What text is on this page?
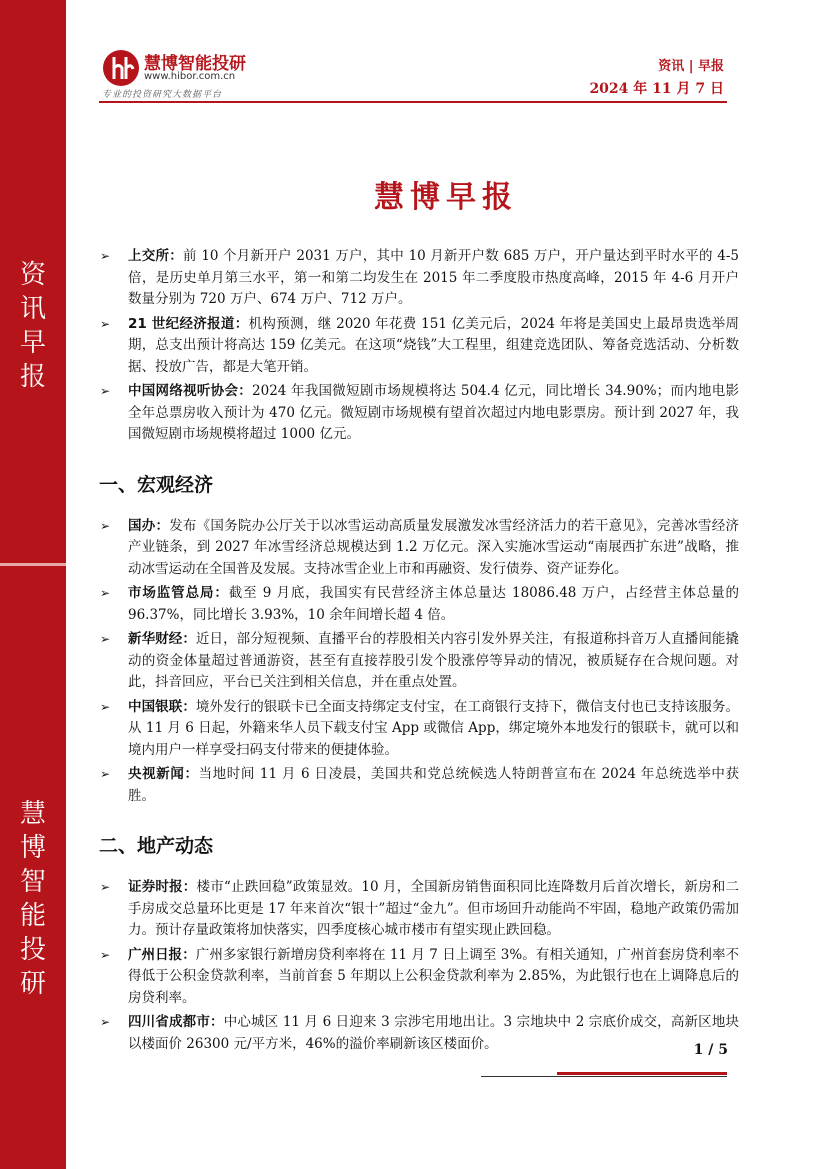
资
讯
早
报
慧
博
智
能
投
研
慧博智能投研
www.hibor.com.cn
专业的投资研究大数据平台
资讯 | 早报
2024 年 11 月 7 日
慧博早报
➢ 上交所：前 10 个月新开户 2031 万户，其中 10 月新开户数 685 万户，开户量达到平时水平的 4-5 倍，是历史单月第三水平，第一和第二均发生在 2015 年二季度股市热度高峰，2015 年 4-6 月开户数量分别为 720 万户、674 万户、712 万户。
➢ 21 世纪经济报道：机构预测，继 2020 年花费 151 亿美元后，2024 年将是美国史上最昂贵选举周期，总支出预计将高达 159 亿美元。在这项“烧钱”大工程里，组建竞选团队、筹备竞选活动、分析数据、投放广告，都是大笔开销。
➢ 中国网络视听协会：2024 年我国微短剧市场规模将达 504.4 亿元，同比增长 34.90%；而内地电影全年总票房收入预计为 470 亿元。微短剧市场规模有望首次超过内地电影票房。预计到 2027 年，我国微短剧市场规模将超过 1000 亿元。
一、宏观经济
➢ 国办：发布《国务院办公厅关于以冰雪运动高质量发展激发冰雪经济活力的若干意见》，完善冰雪经济产业链条，到 2027 年冰雪经济总规模达到 1.2 万亿元。深入实施冰雪运动“南展西扩东进”战略，推动冰雪运动在全国普及发展。支持冰雪企业上市和再融资、发行债券、资产证券化。
➢ 市场监管总局：截至 9 月底，我国实有民营经济主体总量达 18086.48 万户，占经营主体总量的 96.37%，同比增长 3.93%，10 余年间增长超 4 倍。
➢ 新华财经：近日，部分短视频、直播平台的荐股相关内容引发外界关注，有报道称抖音万人直播间能撬动的资金体量超过普通游资，甚至有直接荐股引发个股涨停等异动的情况，被质疑存在合规问题。对此，抖音回应，平台已关注到相关信息，并在重点处置。
➢ 中国银联：境外发行的银联卡已全面支持绑定支付宝，在工商银行支持下，微信支付也已支持该服务。从 11 月 6 日起，外籍来华人员下载支付宝 App 或微信 App，绑定境外本地发行的银联卡，就可以和境内用户一样享受扫码支付带来的便捷体验。
➢ 央视新闻：当地时间 11 月 6 日凌晨，美国共和党总统候选人特朗普宣布在 2024 年总统选举中获胜。
二、地产动态
➢ 证券时报：楼市“止跌回稳”政策显效。10 月，全国新房销售面积同比连降数月后首次增长，新房和二手房成交总量环比更是 17 年来首次“银十”超过“金九”。但市场回升动能尚不牢固，稳地产政策仍需加力。预计存量政策将加快落实，四季度核心城市楼市有望实现止跌回稳。
➢ 广州日报：广州多家银行新增房贷利率将在 11 月 7 日上调至 3%。有相关通知，广州首套房贷利率不得低于公积金贷款利率，当前首套 5 年期以上公积金贷款利率为 2.85%，为此银行也在上调降息后的房贷利率。
➢ 四川省成都市：中心城区 11 月 6 日迎来 3 宗涉宅用地出让。3 宗地块中 2 宗底价成交，高新区地块以楼面价 26300 元/平方米，46%的溢价率刷新该区楼面价。	1 / 5
